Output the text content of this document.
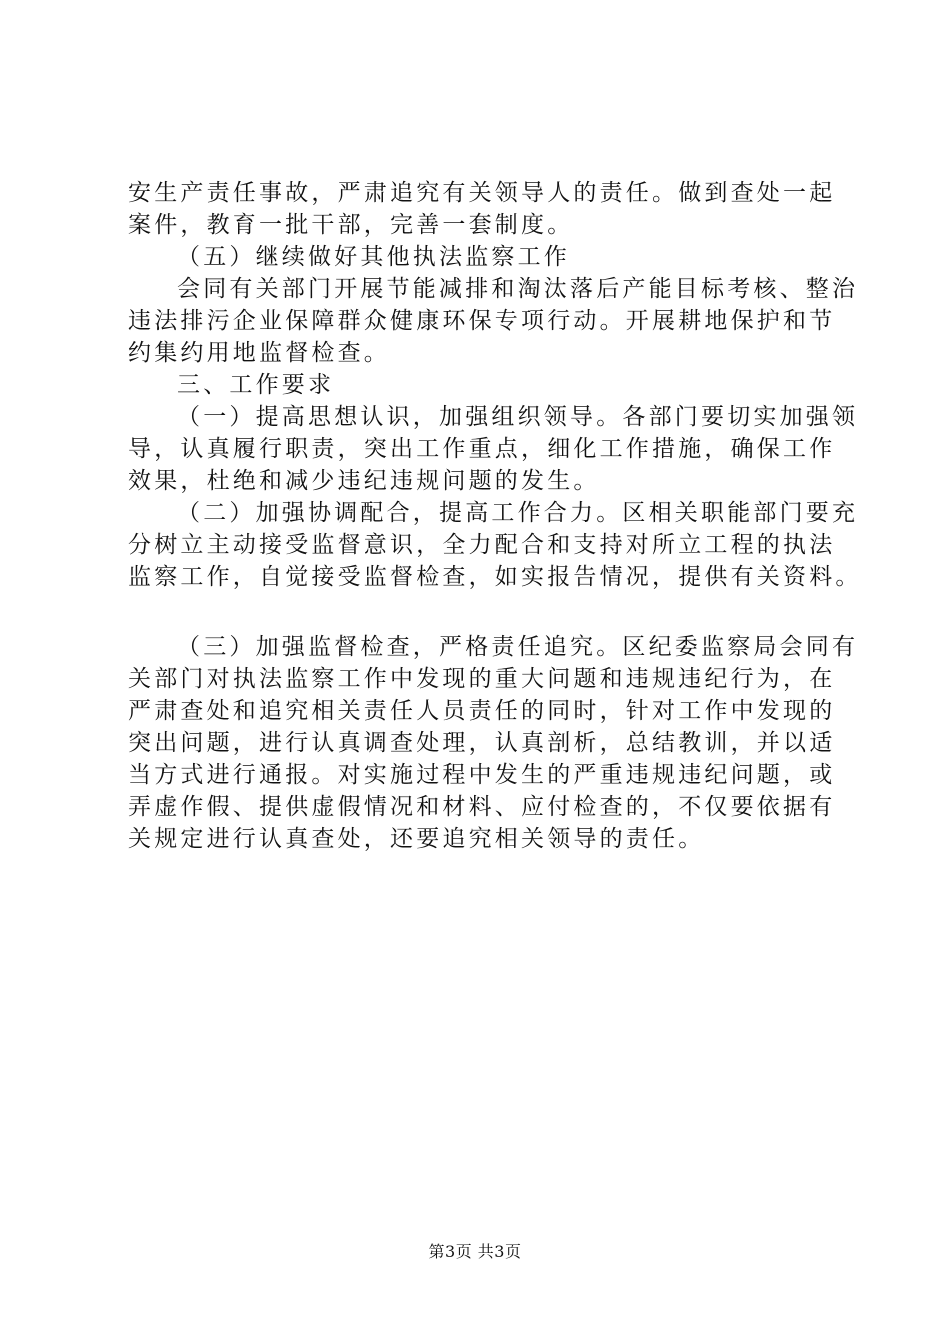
安生产责任事故，严肃追究有关领导人的责任。做到查处一起
案件，教育一批干部，完善一套制度。
（五）继续做好其他执法监察工作
会同有关部门开展节能减排和淘汰落后产能目标考核、整治
违法排污企业保障群众健康环保专项行动。开展耕地保护和节
约集约用地监督检查。
三、工作要求
（一）提高思想认识，加强组织领导。各部门要切实加强领
导，认真履行职责，突出工作重点，细化工作措施，确保工作
效果，杜绝和减少违纪违规问题的发生。
（二）加强协调配合，提高工作合力。区相关职能部门要充
分树立主动接受监督意识，全力配合和支持对所立工程的执法
监察工作，自觉接受监督检查，如实报告情况，提供有关资料。
（三）加强监督检查，严格责任追究。区纪委监察局会同有
关部门对执法监察工作中发现的重大问题和违规违纪行为，在
严肃查处和追究相关责任人员责任的同时，针对工作中发现的
突出问题，进行认真调查处理，认真剖析，总结教训，并以适
当方式进行通报。对实施过程中发生的严重违规违纪问题，或
弄虚作假、提供虚假情况和材料、应付检查的，不仅要依据有
关规定进行认真查处，还要追究相关领导的责任。
第3页 共3页
